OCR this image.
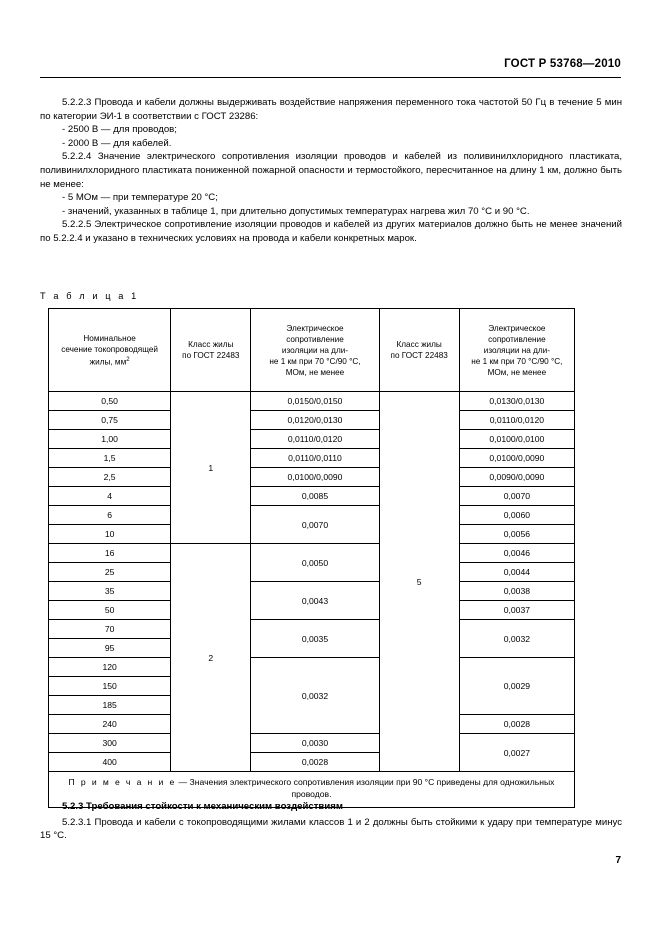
ГОСТ Р 53768—2010

5.2.2.3 Провода и кабели должны выдерживать воздействие напряжения переменного тока частотой 50 Гц в течение 5 мин по категории ЭИ-1 в соответствии с ГОСТ 23286:

- 2500 В — для проводов;

- 2000 В — для кабелей.

5.2.2.4 Значение электрического сопротивления изоляции проводов и кабелей из поливинилхлоридного пластиката, поливинилхлоридного пластиката пониженной пожарной опасности и термостойкого, пересчитанное на длину 1 км, должно быть не менее:

- 5 МОм — при температуре 20 °С;

- значений, указанных в таблице 1, при длительно допустимых температурах нагрева жил 70 °С и 90 °С.

5.2.2.5 Электрическое сопротивление изоляции проводов и кабелей из других материалов должно быть не менее значений по 5.2.2.4 и указано в технических условиях на провода и кабели конкретных марок.

Т а б л и ц а 1
Номинальное
сечение токопроводящей
жилы, $мм^2$	Класс жилы
по ГОСТ 22483	Электрическое
сопротивление
изоляции на дли-
не 1 км при 70 °С/90 °С,
МОм, не менее	Класс жилы
по ГОСТ 22483	Электрическое
сопротивление
изоляции на дли-
не 1 км при 70 °С/90 °С,
МОм, не менее
0,50	1	0,0150/0,0150	5	0,0130/0,0130
0,75		0,0120/0,0130		0,0110/0,0120
1,00		0,0110/0,0120		0,0100/0,0100
1,5		0,0110/0,0110		0,0100/0,0090
2,5		0,0100/0,0090		0,0090/0,0090
4		0,0085		0,0070
6		0,0070		0,0060
10				0,0056
16	2	0,0050		0,0046
25				0,0044
35		0,0043		0,0038
50				0,0037
70		0,0035		0,0032
95				
120		0,0032		0,0029
150				
185				
240				0,0028
300		0,0030		0,0027
400		0,0028		
П р и м е ч а н и е — Значения электрического сопротивления изоляции при 90 °С приведены для одножильных проводов.				

5.2.3 Требования стойкости к механическим воздействиям

5.2.3.1 Провода и кабели с токопроводящими жилами классов 1 и 2 должны быть стойкими к удару при температуре минус 15 °С.

7
